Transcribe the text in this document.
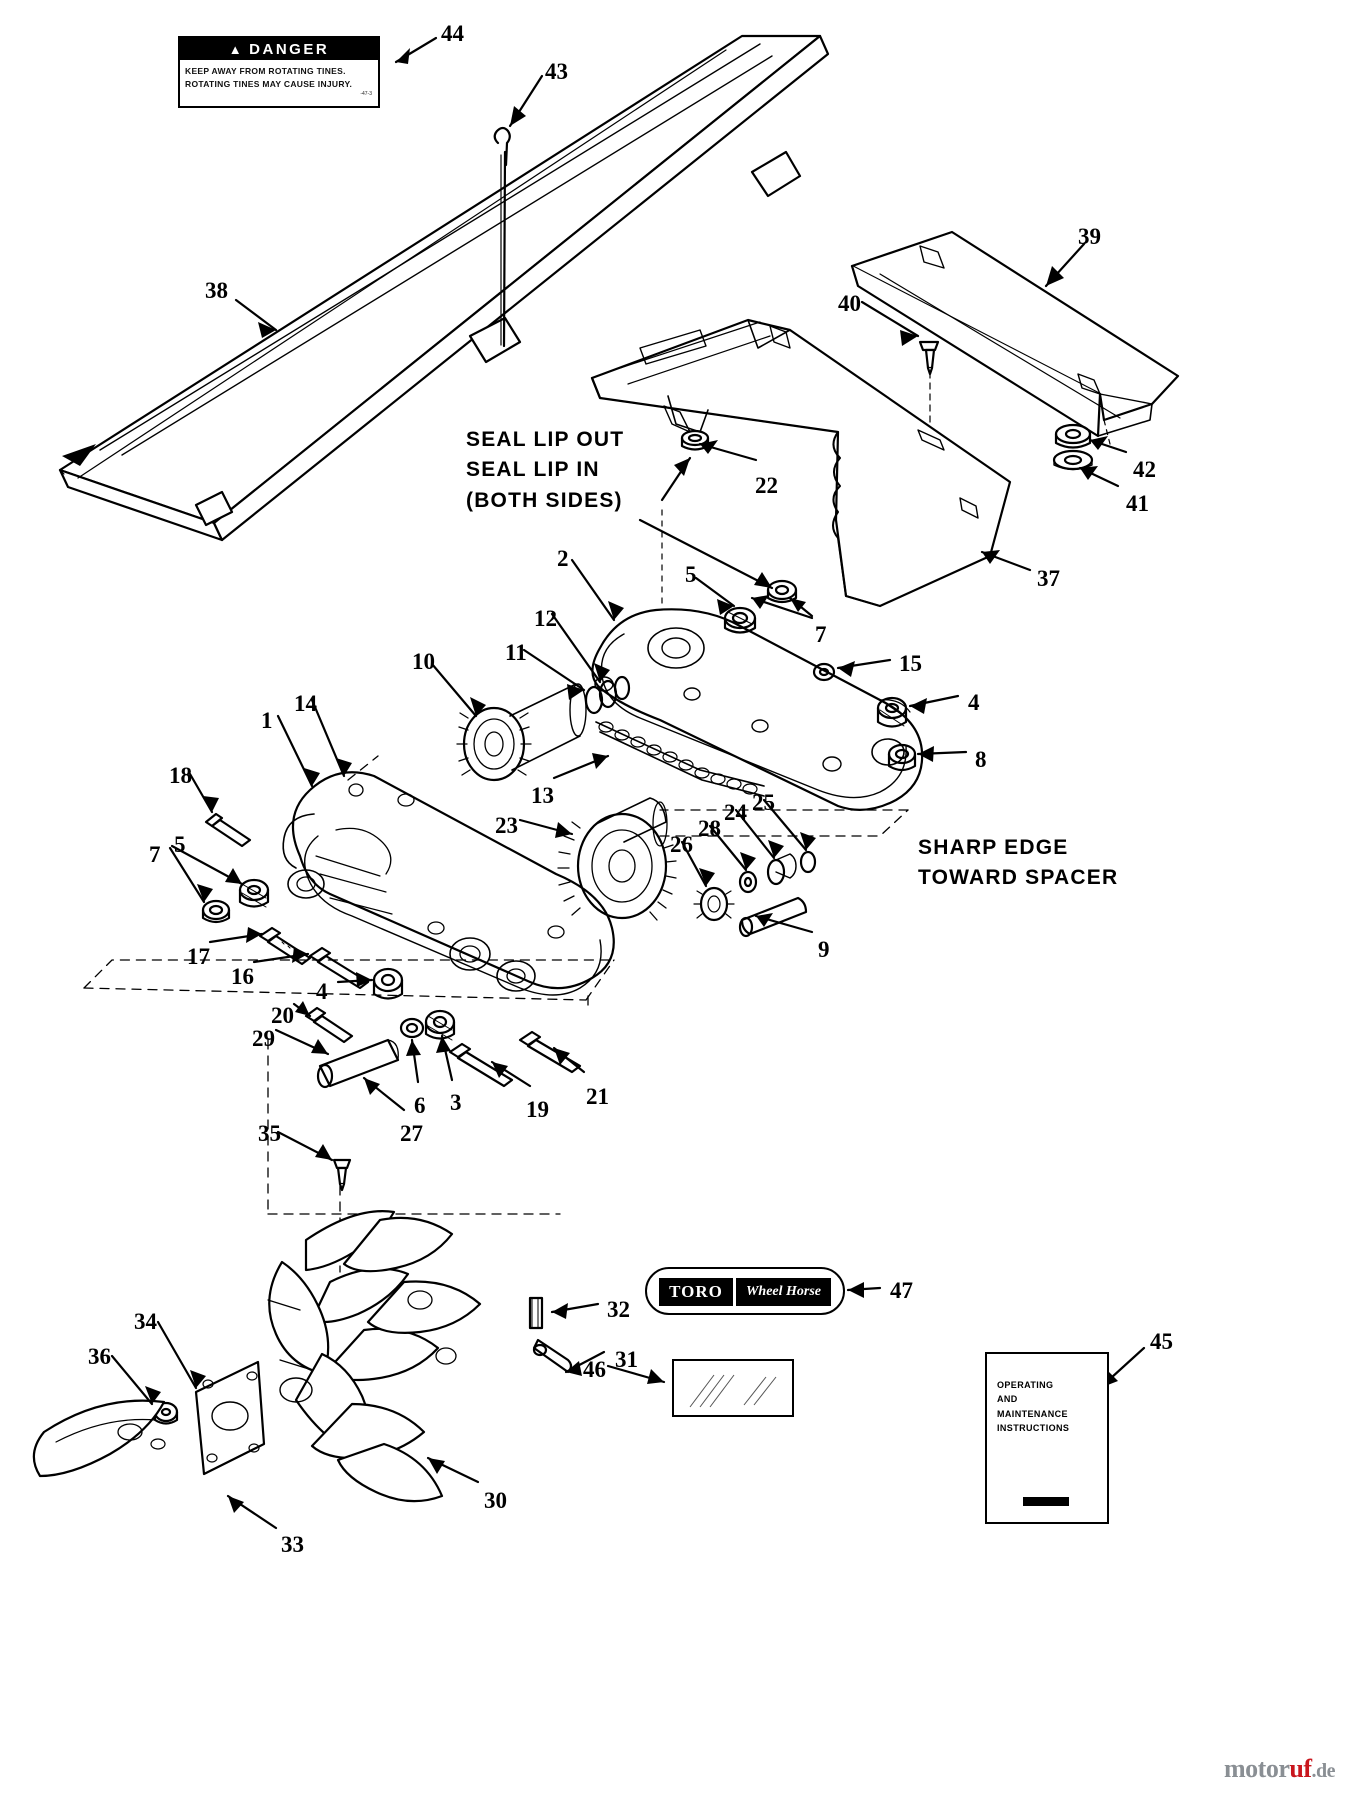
▲ DANGER
KEEP AWAY FROM ROTATING TINES.
ROTATING TINES MAY CAUSE INJURY.
-47-3
TORO	Wheel Horse
OPERATING
AND
MAINTENANCE
INSTRUCTIONS
SEAL LIP OUT
SEAL LIP IN
(BOTH SIDES)
SHARP EDGE
TOWARD SPACER
44
43
38
39
40
42
41
22
37
2
5
7
12
11	15
4
10
8
14
1
13
18
23
25
24
28
26
7 5
9
17
16
4
20
29
6 3	19
21
27
35
47
46
45
32
31
34
36
30
33
motoruf.de
